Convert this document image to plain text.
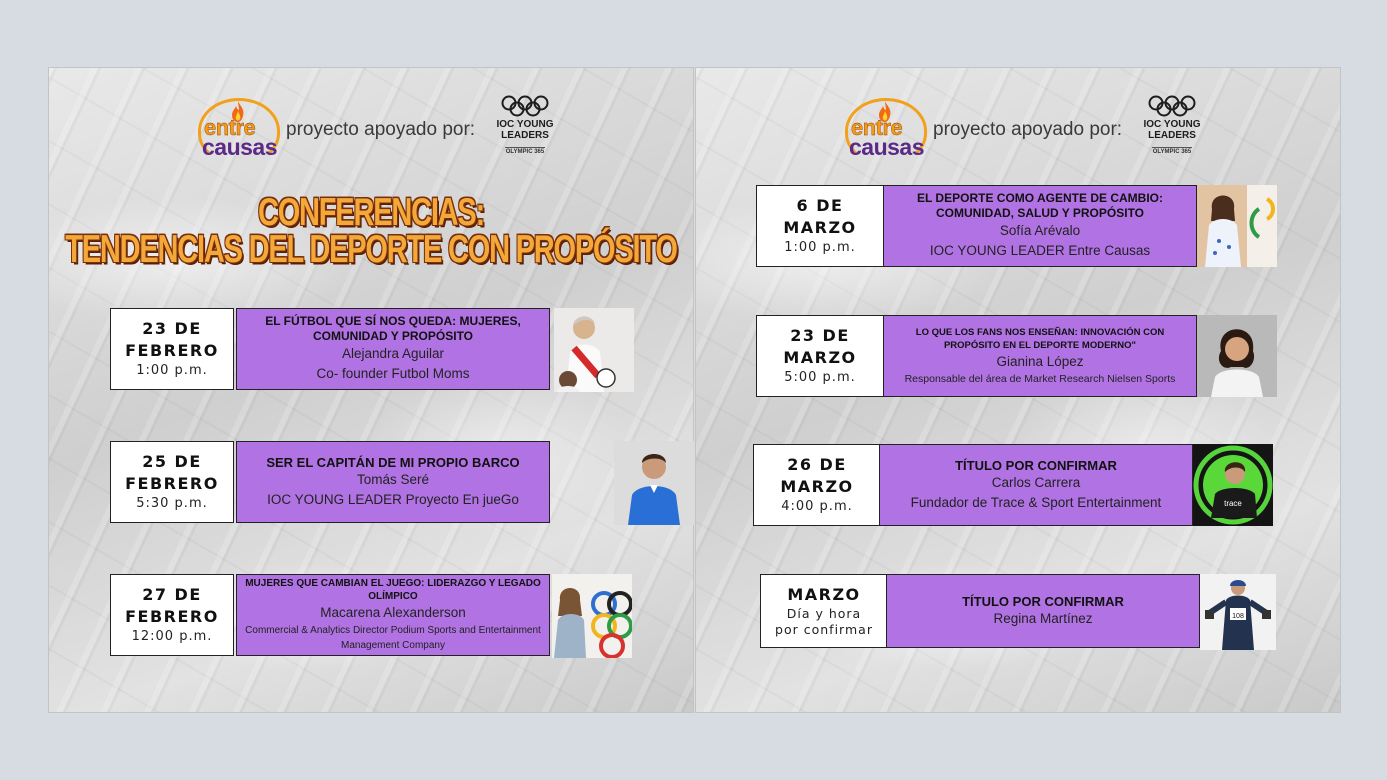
entre
causas
proyecto apoyado por: IOC YOUNG
LEADERS
OLYMPIC 365
CONFERENCIAS:
TENDENCIAS DEL DEPORTE CON PROPÓSITO
23 DE
FEBRERO
1:00 p.m.
EL FÚTBOL QUE SÍ NOS QUEDA: MUJERES, COMUNIDAD Y PROPÓSITO
Alejandra Aguilar
Co- founder Futbol Moms
25 DE
FEBRERO
5:30 p.m.
SER EL CAPITÁN DE MI PROPIO BARCO
Tomás Seré
IOC YOUNG LEADER Proyecto En jueGo
27 DE
FEBRERO
12:00 p.m.
MUJERES QUE CAMBIAN EL JUEGO: LIDERAZGO Y LEGADO OLÍMPICO
Macarena Alexanderson
Commercial & Analytics Director Podium Sports and Entertainment Management Company
entre
causas
proyecto apoyado por: IOC YOUNG
LEADERS
OLYMPIC 365
6 DE
MARZO
1:00 p.m.
EL DEPORTE COMO AGENTE DE CAMBIO: COMUNIDAD, SALUD Y PROPÓSITO
Sofía Arévalo
IOC YOUNG LEADER Entre Causas
23 DE
MARZO
5:00 p.m.
LO QUE LOS FANS NOS ENSEÑAN: INNOVACIÓN CON PROPÓSITO EN EL DEPORTE MODERNO"
Gianina López
Responsable del área de Market Research Nielsen Sports
26 DE
MARZO
4:00 p.m.
TÍTULO POR CONFIRMAR
Carlos Carrera
Fundador de Trace & Sport Entertainment	trace
MARZO
Día y hora
por confirmar
TÍTULO POR CONFIRMAR
Regina Martínez	108
